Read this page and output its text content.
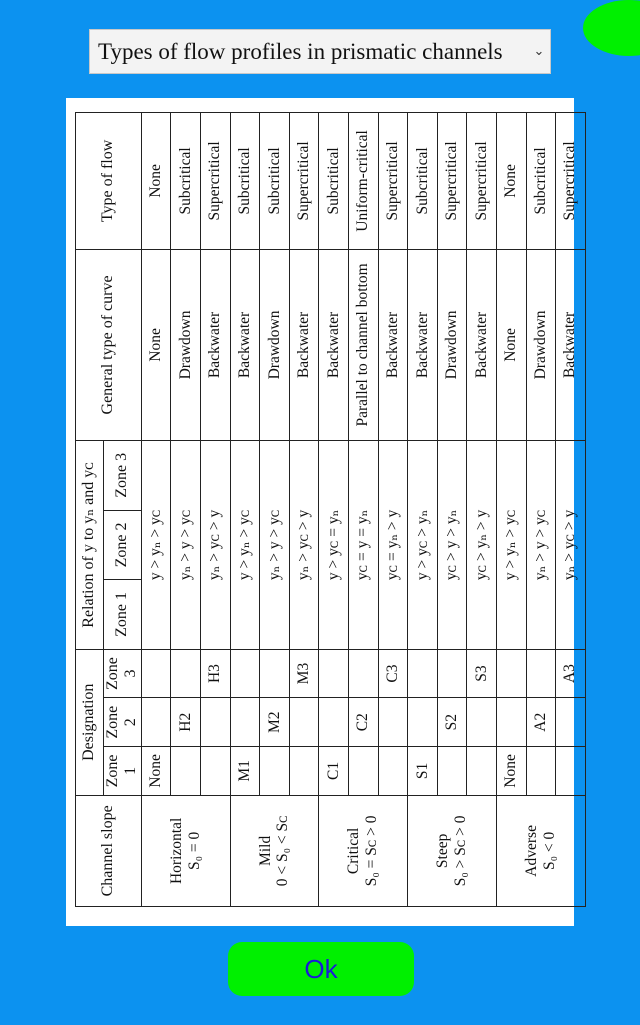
Types of flow profiles in prismatic channels	⌄
Channel slope	Designation			Relation of y to yₙ and yᴄ			General type of curve	Type of flow
	Zone 1	Zone 2	Zone 3	Zone 1	Zone 2	Zone 3		

Horizontal S₀ = 0	None			y > yₙ > yᴄ			None	None
		H2		yₙ > y > yᴄ			Drawdown	Subcritical
			H3	yₙ > yᴄ > y			Backwater	Supercritical

Mild 0 < S₀ < Sᴄ	M1			y > yₙ > yᴄ			Backwater	Subcritical
		M2		yₙ > y > yᴄ			Drawdown	Subcritical
			M3	yₙ > yᴄ > y			Backwater	Supercritical

Critical S₀ = Sᴄ > 0	C1			y > yᴄ = yₙ			Backwater	Subcritical
		C2		yᴄ = y = yₙ			Parallel to channel bottom	Uniform-critical
			C3	yᴄ = yₙ > y			Backwater	Supercritical

Steep S₀ > Sᴄ > 0	S1			y > yᴄ > yₙ			Backwater	Subcritical
		S2		yᴄ > y > yₙ			Drawdown	Supercritical
			S3	yᴄ > yₙ > y			Backwater	Supercritical

Adverse S₀ < 0	None			y > yₙ > yᴄ			None	None
		A2		yₙ > y > yᴄ			Drawdown	Subcritical
			A3	yₙ > yᴄ > y			Backwater	Supercritical
Ok
